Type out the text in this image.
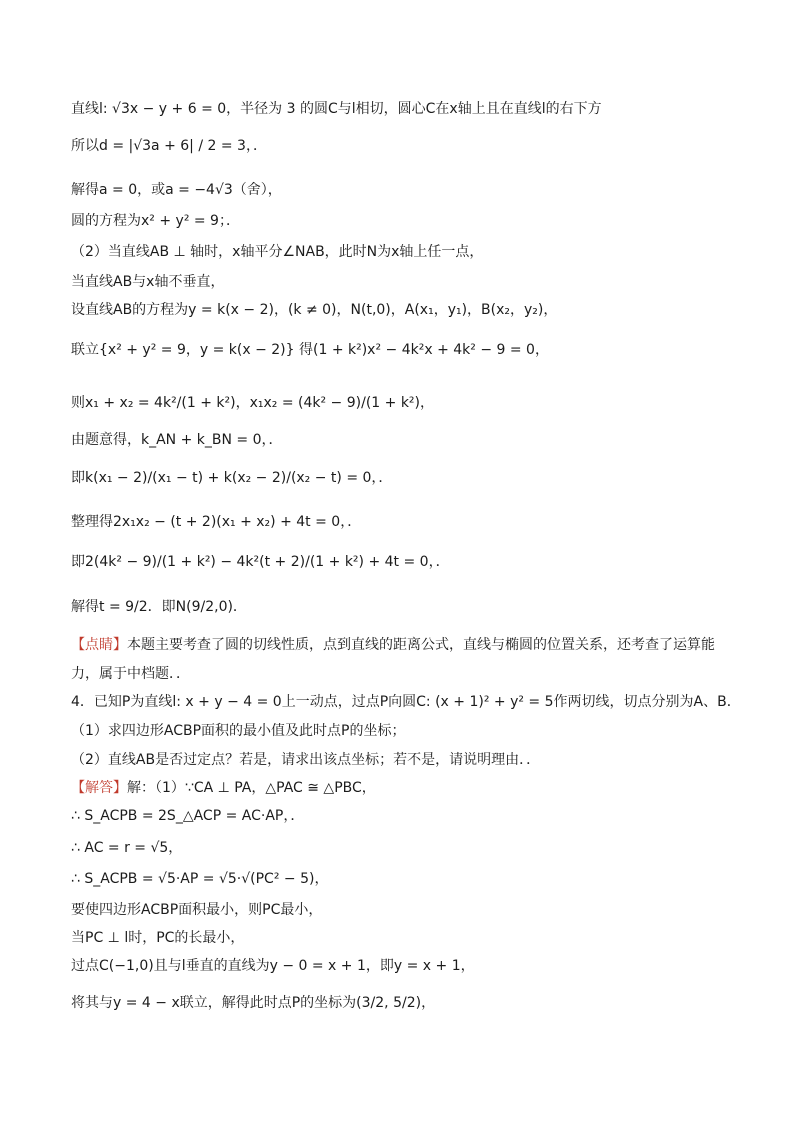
直线l: √3x − y + 6 = 0，半径为 3 的圆C与l相切，圆心C在x轴上且在直线l的右下方
所以d = |√3a + 6| / 2 = 3，．
解得a = 0，或a = −4√3（舍），
圆的方程为x² + y² = 9；．
（2）当直线AB ⊥ 轴时，x轴平分∠NAB，此时N为x轴上任一点，
当直线AB与x轴不垂直，
设直线AB的方程为y = k(x − 2)，(k ≠ 0)，N(t,0)，A(x₁，y₁)，B(x₂，y₂)，
联立{x² + y² = 9，y = k(x − 2)} 得(1 + k²)x² − 4k²x + 4k² − 9 = 0，
则x₁ + x₂ = 4k²/(1 + k²)，x₁x₂ = (4k² − 9)/(1 + k²)，
由题意得，k_AN + k_BN = 0，．
即k(x₁ − 2)/(x₁ − t) + k(x₂ − 2)/(x₂ − t) = 0，．
整理得2x₁x₂ − (t + 2)(x₁ + x₂) + 4t = 0，．
即2(4k² − 9)/(1 + k²) − 4k²(t + 2)/(1 + k²) + 4t = 0，．
解得t = 9/2．即N(9/2,0)．
【点睛】本题主要考查了圆的切线性质，点到直线的距离公式，直线与椭圆的位置关系，还考查了运算能
力，属于中档题．．
4．已知P为直线l: x + y − 4 = 0上一动点，过点P向圆C: (x + 1)² + y² = 5作两切线，切点分别为A、B．
（1）求四边形ACBP面积的最小值及此时点P的坐标；
（2）直线AB是否过定点？若是，请求出该点坐标；若不是，请说明理由．．
【解答】解：（1）∵CA ⊥ PA，△PAC ≅ △PBC，
∴ S_ACPB = 2S_△ACP = AC·AP，．
∴ AC = r = √5，
∴ S_ACPB = √5·AP = √5·√(PC² − 5)，
要使四边形ACBP面积最小，则PC最小，
当PC ⊥ l时，PC的长最小，
过点C(−1,0)且与l垂直的直线为y − 0 = x + 1，即y = x + 1，
将其与y = 4 − x联立，解得此时点P的坐标为(3/2, 5/2)，
